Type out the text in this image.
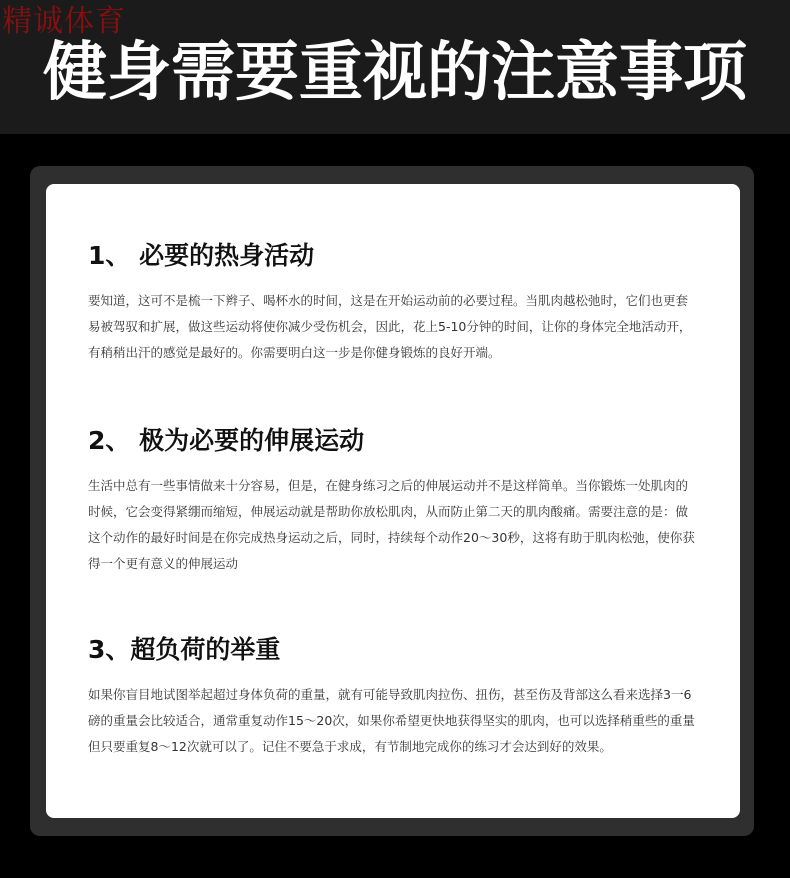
精诚体育
健身需要重视的注意事项
1、 必要的热身活动

要知道，这可不是梳一下辫子、喝杯水的时间，这是在开始运动前的必要过程。当肌肉越松弛时，它们也更套易被驾驭和扩展，做这些运动将使你减少受伤机会，因此，花上5-10分钟的时间，让你的身体完全地活动开，有稍稍出汗的感觉是最好的。你需要明白这一步是你健身锻炼的良好开端。

2、 极为必要的伸展运动

生活中总有一些事情做来十分容易，但是，在健身练习之后的伸展运动并不是这样简单。当你锻炼一处肌肉的时候，它会变得紧绷而缩短，伸展运动就是帮助你放松肌肉，从而防止第二天的肌肉酸痛。需要注意的是：做这个动作的最好时间是在你完成热身运动之后，同时，持续每个动作20～30秒，这将有助于肌肉松弛，使你获得一个更有意义的伸展运动

3、超负荷的举重

如果你盲目地试图举起超过身体负荷的重量，就有可能导致肌肉拉伤、扭伤，甚至伤及背部这么看来选择3一6磅的重量会比较适合，通常重复动作15～20次，如果你希望更快地获得坚实的肌肉，也可以选择稍重些的重量但只要重复8～12次就可以了。记住不要急于求成，有节制地完成你的练习才会达到好的效果。
